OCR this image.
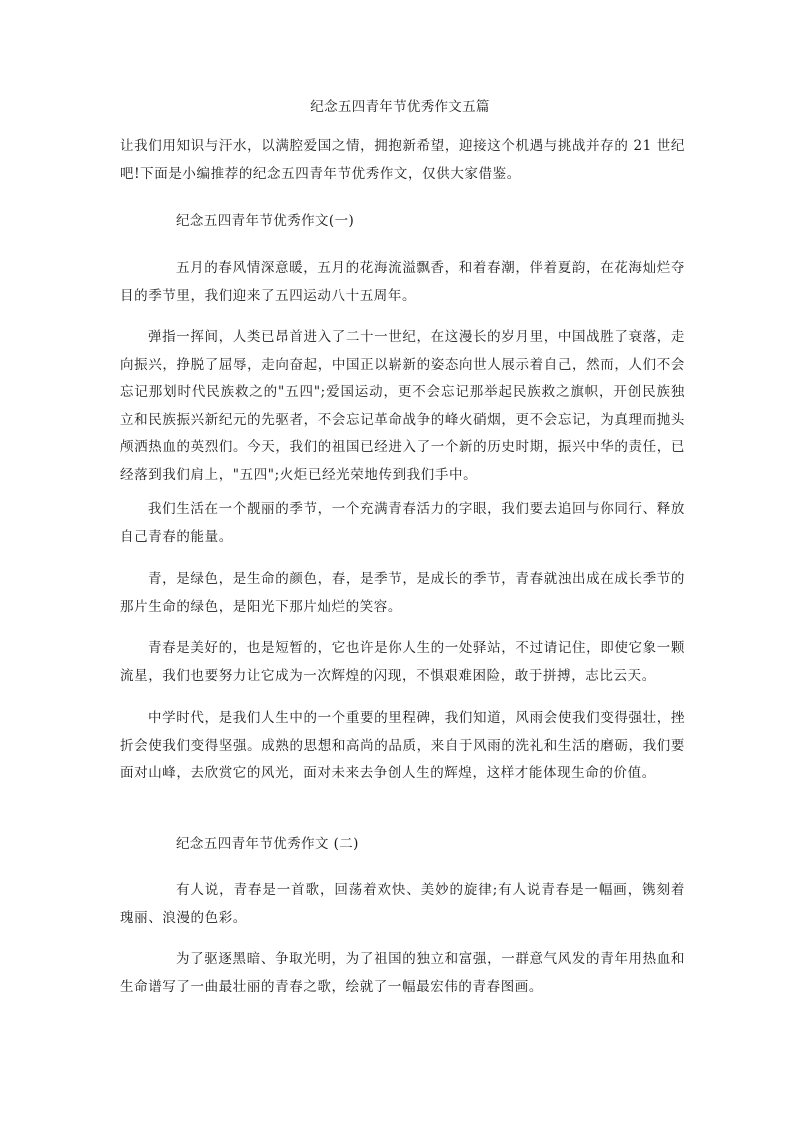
纪念五四青年节优秀作文五篇

让我们用知识与汗水，以满腔爱国之情，拥抱新希望，迎接这个机遇与挑战并存的 21 世纪吧!下面是小编推荐的纪念五四青年节优秀作文，仅供大家借鉴。

纪念五四青年节优秀作文(一)

五月的春风情深意暖，五月的花海流溢飘香，和着春潮，伴着夏韵，在花海灿烂夺目的季节里，我们迎来了五四运动八十五周年。

弹指一挥间，人类已昂首进入了二十一世纪，在这漫长的岁月里，中国战胜了衰落，走向振兴，挣脱了屈辱，走向奋起，中国正以崭新的姿态向世人展示着自己，然而，人们不会忘记那划时代民族救之的"五四";爱国运动，更不会忘记那举起民族救之旗帜，开创民族独立和民族振兴新纪元的先驱者，不会忘记革命战争的峰火硝烟，更不会忘记，为真理而抛头颅洒热血的英烈们。今天，我们的祖国已经进入了一个新的历史时期，振兴中华的责任，已经落到我们肩上，"五四";火炬已经光荣地传到我们手中。

我们生活在一个靓丽的季节，一个充满青春活力的字眼，我们要去追回与你同行、释放自己青春的能量。

青，是绿色，是生命的颜色，春，是季节，是成长的季节，青春就浊出成在成长季节的那片生命的绿色，是阳光下那片灿烂的笑容。

青春是美好的，也是短暂的，它也许是你人生的一处驿站，不过请记住，即使它象一颗流星，我们也要努力让它成为一次辉煌的闪现，不惧艰难困险，敢于拼搏，志比云天。

中学时代，是我们人生中的一个重要的里程碑，我们知道，风雨会使我们变得强壮，挫折会使我们变得坚强。成熟的思想和高尚的品质，来自于风雨的洗礼和生活的磨砺，我们要面对山峰，去欣赏它的风光，面对未来去争创人生的辉煌，这样才能体现生命的价值。

纪念五四青年节优秀作文 (二)

有人说，青春是一首歌，回荡着欢快、美妙的旋律;有人说青春是一幅画，镌刻着瑰丽、浪漫的色彩。

为了驱逐黑暗、争取光明，为了祖国的独立和富强，一群意气风发的青年用热血和生命谱写了一曲最壮丽的青春之歌，绘就了一幅最宏伟的青春图画。
